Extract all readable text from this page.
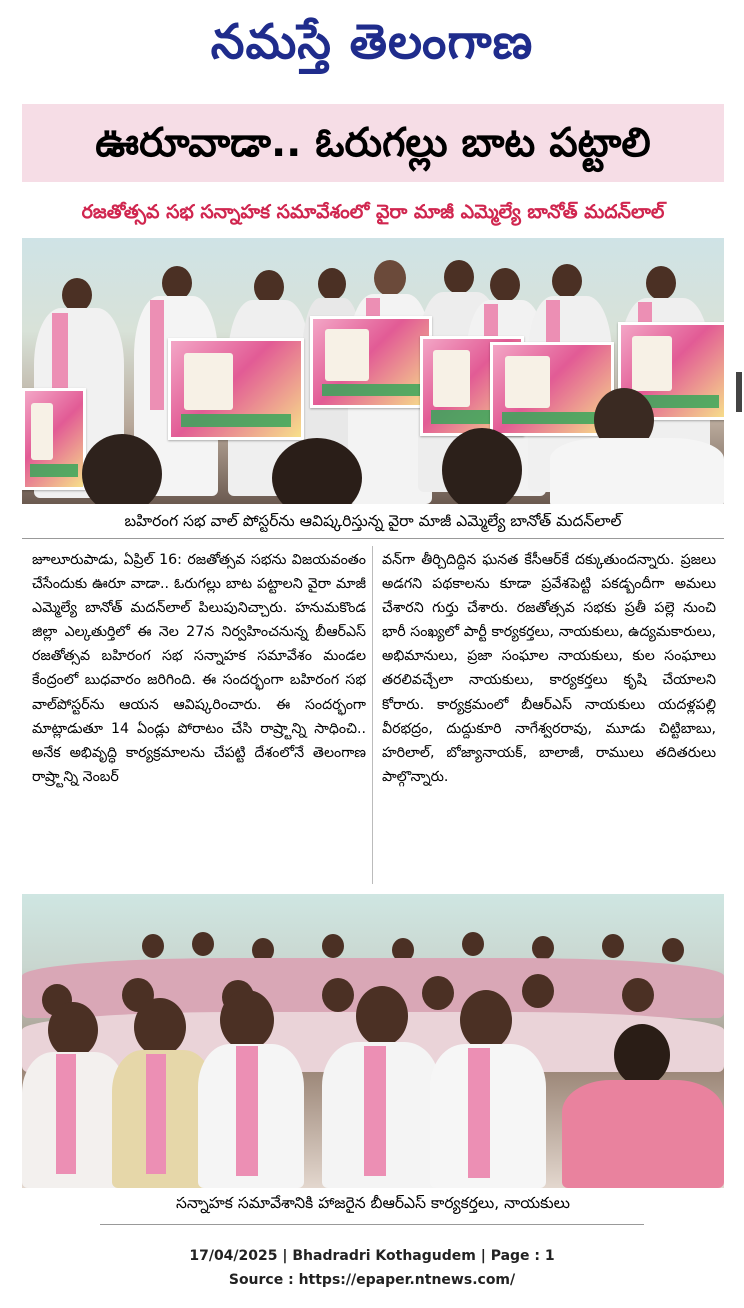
నమస్తే తెలంగాణ
ఊరూవాడా.. ఓరుగల్లు బాట పట్టాలి
రజతోత్సవ సభ సన్నాహక సమావేశంలో వైరా మాజీ ఎమ్మెల్యే బానోత్ మదన్‌లాల్
బహిరంగ సభ వాల్ పోస్టర్‌ను ఆవిష్కరిస్తున్న వైరా మాజీ ఎమ్మెల్యే బానోత్ మదన్‌లాల్

జూలూరుపాడు, ఏప్రిల్ 16: రజతోత్సవ సభను విజయవంతం చేసేందుకు ఊరూ వాడా.. ఓరుగల్లు బాట పట్టాలని వైరా మాజీ ఎమ్మెల్యే బానోత్ మదన్‌లాల్ పిలుపునిచ్చారు. హనుమకొండ జిల్లా ఎల్కతుర్తిలో ఈ నెల 27న నిర్వహించనున్న బీఆర్‌ఎస్ రజతోత్సవ బహిరంగ సభ సన్నాహక సమావేశం మండల కేంద్రంలో బుధవారం జరిగింది. ఈ సందర్భంగా బహిరంగ సభ వాల్‌పోస్టర్‌ను ఆయన ఆవిష్కరించారు. ఈ సందర్భంగా మాట్లాడుతూ 14 ఏండ్లు పోరాటం చేసి రాష్ర్టాన్ని సాధించి.. అనేక అభివృద్ధి కార్యక్రమాలను చేపట్టి దేశంలోనే తెలంగాణ రాష్ర్టాన్ని నెంబర్

వన్‌గా తీర్చిదిద్దిన ఘనత కేసీఆర్‌కే దక్కుతుందన్నారు. ప్రజలు అడగని పథకాలను కూడా ప్రవేశపెట్టి పకడ్బందీగా అమలు చేశారని గుర్తు చేశారు. రజతోత్సవ సభకు ప్రతీ పల్లె నుంచి భారీ సంఖ్యలో పార్టీ కార్యకర్తలు, నాయకులు, ఉద్యమకారులు, అభిమానులు, ప్రజా సంఘాల నాయకులు, కుల సంఘాలు తరలివచ్చేలా నాయకులు, కార్యకర్తలు కృషి చేయాలని కోరారు. కార్యక్రమంలో బీఆర్‌ఎస్ నాయకులు యదళ్లపల్లి వీరభద్రం, దుద్దుకూరి నాగేశ్వరరావు, మూడు చిట్టిబాబు, హరిలాల్, బోజ్యానాయక్, బాలాజీ, రాములు తదితరులు పాల్గొన్నారు.

సన్నాహక సమావేశానికి హాజరైన బీఆర్‌ఎస్ కార్యకర్తలు, నాయకులు
17/04/2025 | Bhadradri Kothagudem | Page : 1
Source : https://epaper.ntnews.com/
